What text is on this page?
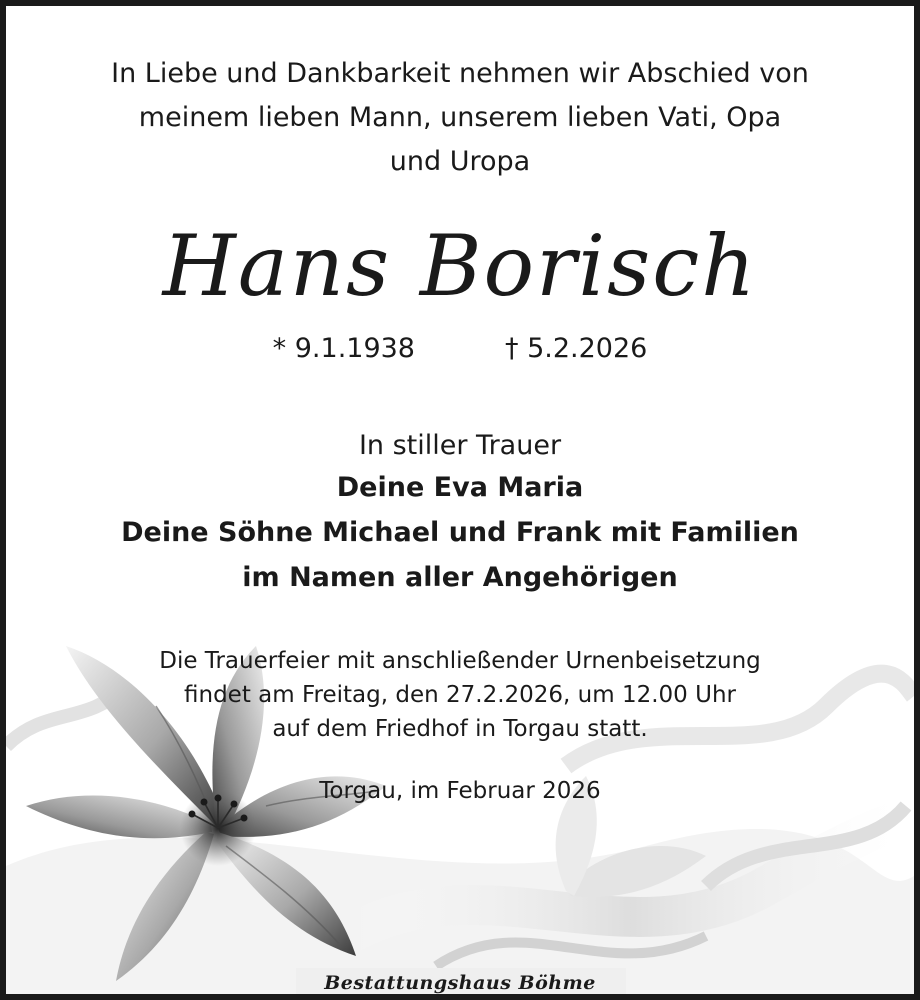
In Liebe und Dankbarkeit nehmen wir Abschied von
meinem lieben Mann, unserem lieben Vati, Opa
und Uropa
Hans Borisch
* 9.1.1938	† 5.2.2026
In stiller Trauer
Deine Eva Maria
Deine Söhne Michael und Frank mit Familien
im Namen aller Angehörigen
Die Trauerfeier mit anschließender Urnenbeisetzung
findet am Freitag, den 27.2.2026, um 12.00 Uhr
auf dem Friedhof in Torgau statt.
Torgau, im Februar 2026
Bestattungshaus Böhme
